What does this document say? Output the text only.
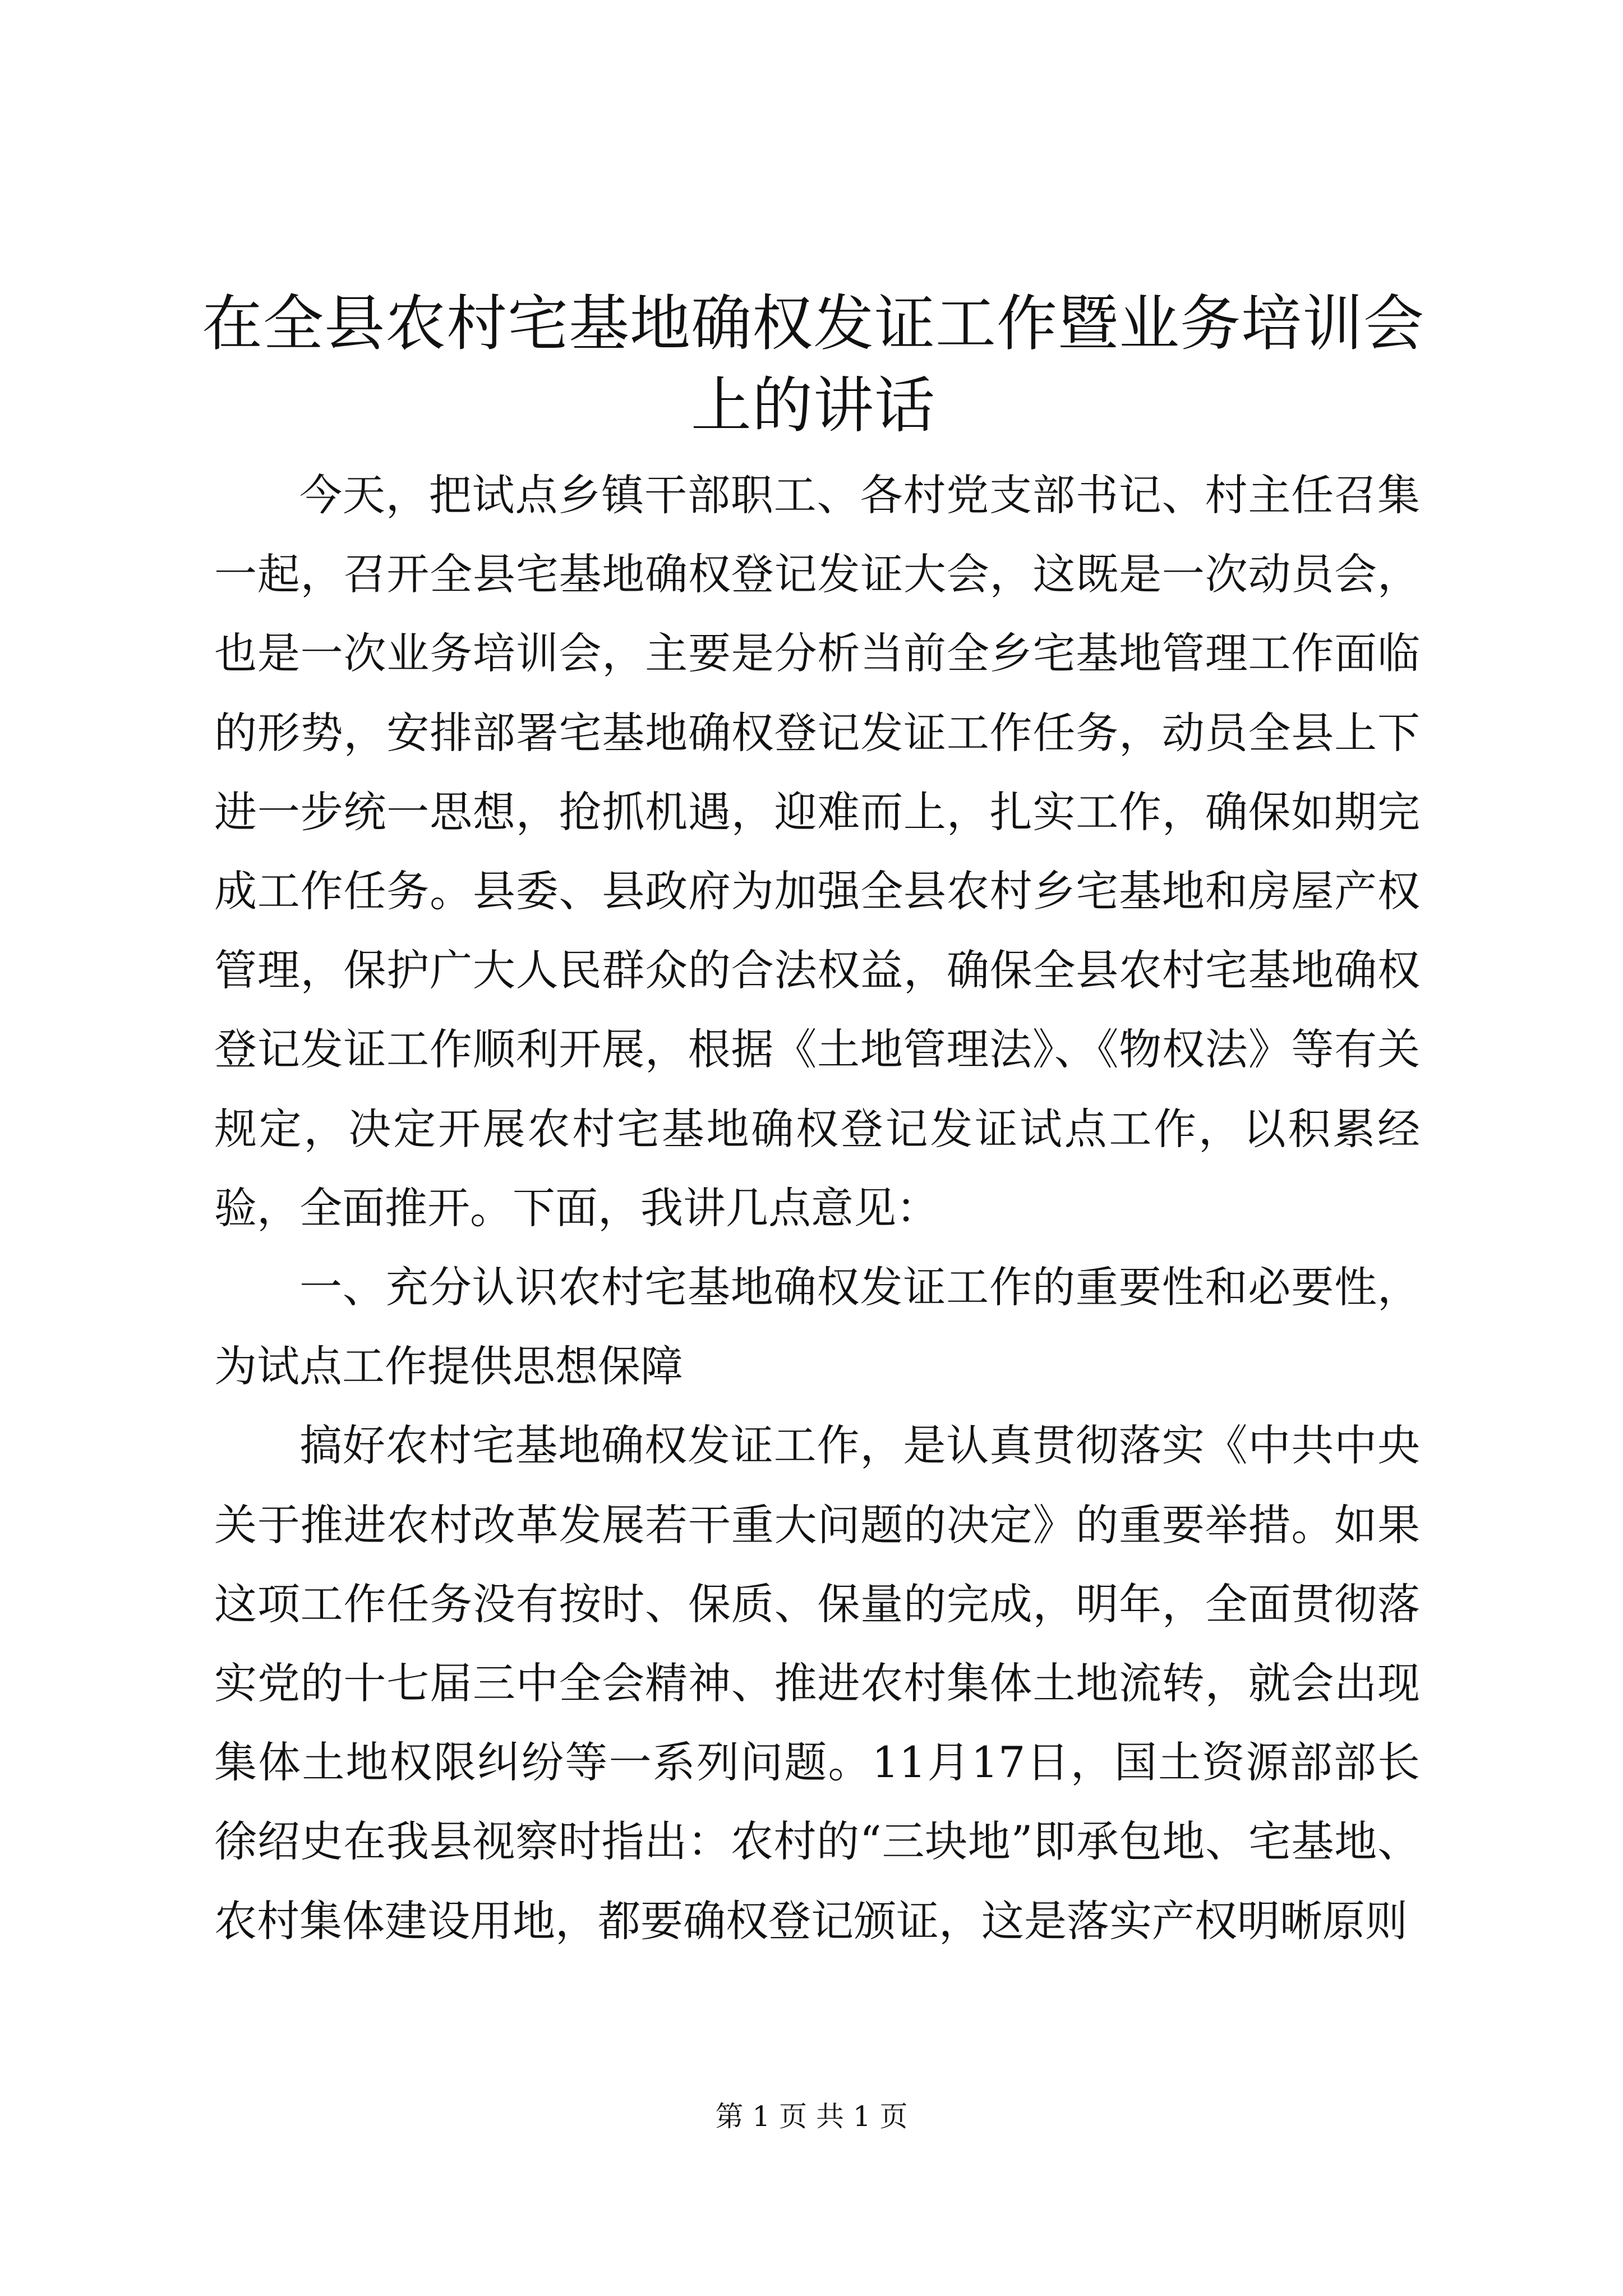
在全县农村宅基地确权发证工作暨业务培训会上的讲话

今天，把试点乡镇干部职工、各村党支部书记、村主任召集一起，召开全县宅基地确权登记发证大会，这既是一次动员会，也是一次业务培训会，主要是分析当前全乡宅基地管理工作面临的形势，安排部署宅基地确权登记发证工作任务，动员全县上下进一步统一思想，抢抓机遇，迎难而上，扎实工作，确保如期完成工作任务。县委、县政府为加强全县农村乡宅基地和房屋产权管理，保护广大人民群众的合法权益，确保全县农村宅基地确权登记发证工作顺利开展，根据《土地管理法》、《物权法》等有关规定，决定开展农村宅基地确权登记发证试点工作，以积累经验，全面推开。下面，我讲几点意见：

一、充分认识农村宅基地确权发证工作的重要性和必要性，为试点工作提供思想保障

搞好农村宅基地确权发证工作，是认真贯彻落实《中共中央关于推进农村改革发展若干重大问题的决定》的重要举措。如果这项工作任务没有按时、保质、保量的完成，明年，全面贯彻落实党的十七届三中全会精神、推进农村集体土地流转，就会出现集体土地权限纠纷等一系列问题。11月17日，国土资源部部长徐绍史在我县视察时指出：农村的“三块地”即承包地、宅基地、农村集体建设用地，都要确权登记颁证，这是落实产权明晰原则

第 1 页 共 1 页
